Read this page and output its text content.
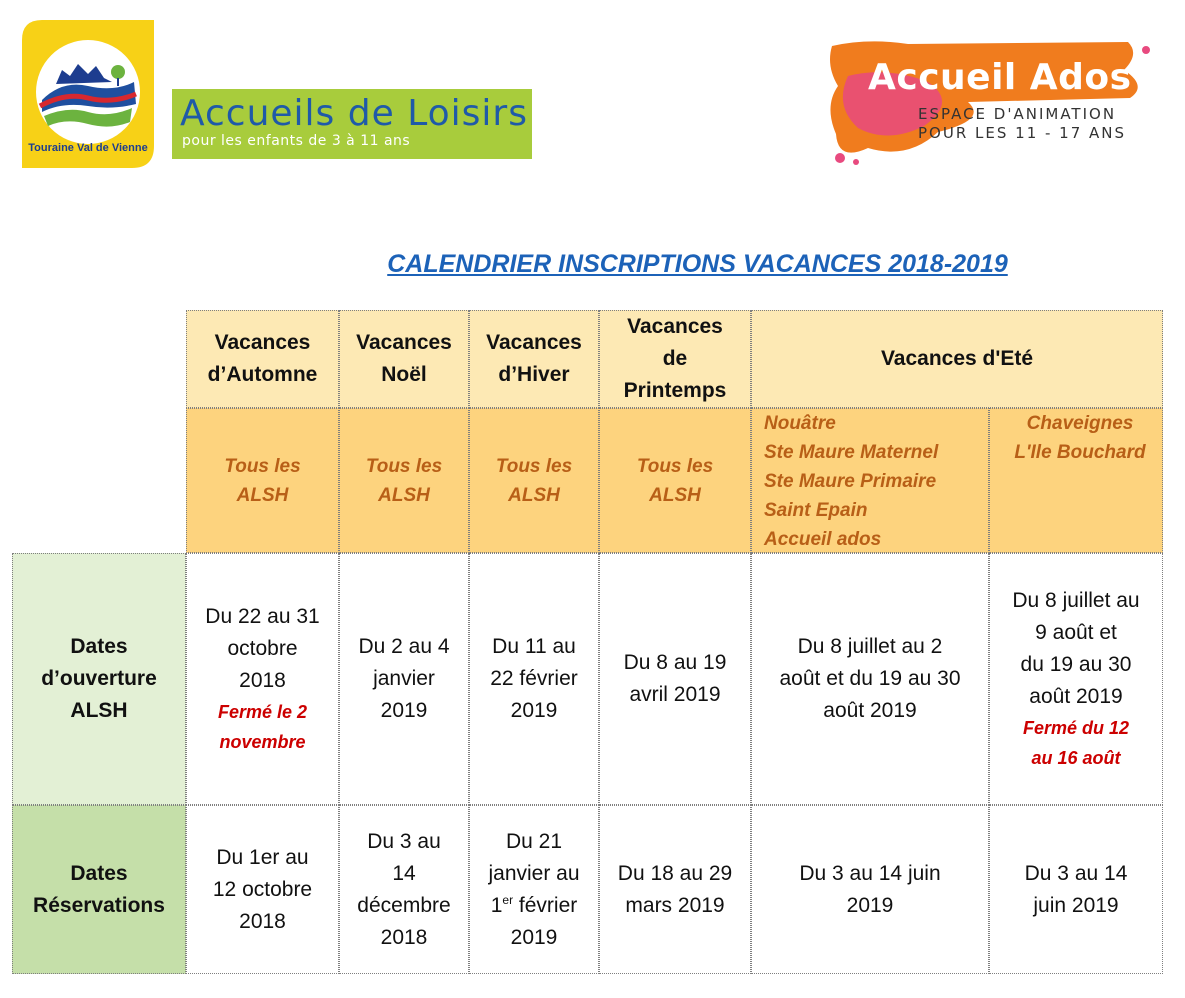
Touraine Val de Vienne
Accueils de Loisirs
pour les enfants de 3 à 11 ans
Accueil Ados
ESPACE D'ANIMATION
POUR LES 11 - 17 ANS
CALENDRIER INSCRIPTIONS VACANCES 2018-2019
Vacances
d’Automne
Vacances
Noël
Vacances
d’Hiver
Vacances
de
Printemps
Vacances d'Eté
Tous les
ALSH
Tous les
ALSH
Tous les
ALSH
Tous les
ALSH
Nouâtre
Ste Maure Maternel
Ste Maure Primaire
Saint Epain
Accueil ados
Chaveignes
L'Ile Bouchard
Dates
d’ouverture
ALSH
Du 22 au 31
octobre
2018
Fermé le 2
novembre
Du 2 au 4
janvier
2019
Du 11 au
22 février
2019
Du 8 au 19
avril 2019
Du 8 juillet au 2
août et du 19 au 30
août 2019
Du 8 juillet au
9 août et
du 19 au 30
août 2019
Fermé du 12
au 16 août
Dates
Réservations
Du 1er au
12 octobre
2018
Du 3 au
14
décembre
2018
Du 21
janvier au
1er février
2019
Du 18 au 29
mars 2019
Du 3 au 14 juin
2019
Du 3 au 14
juin 2019
